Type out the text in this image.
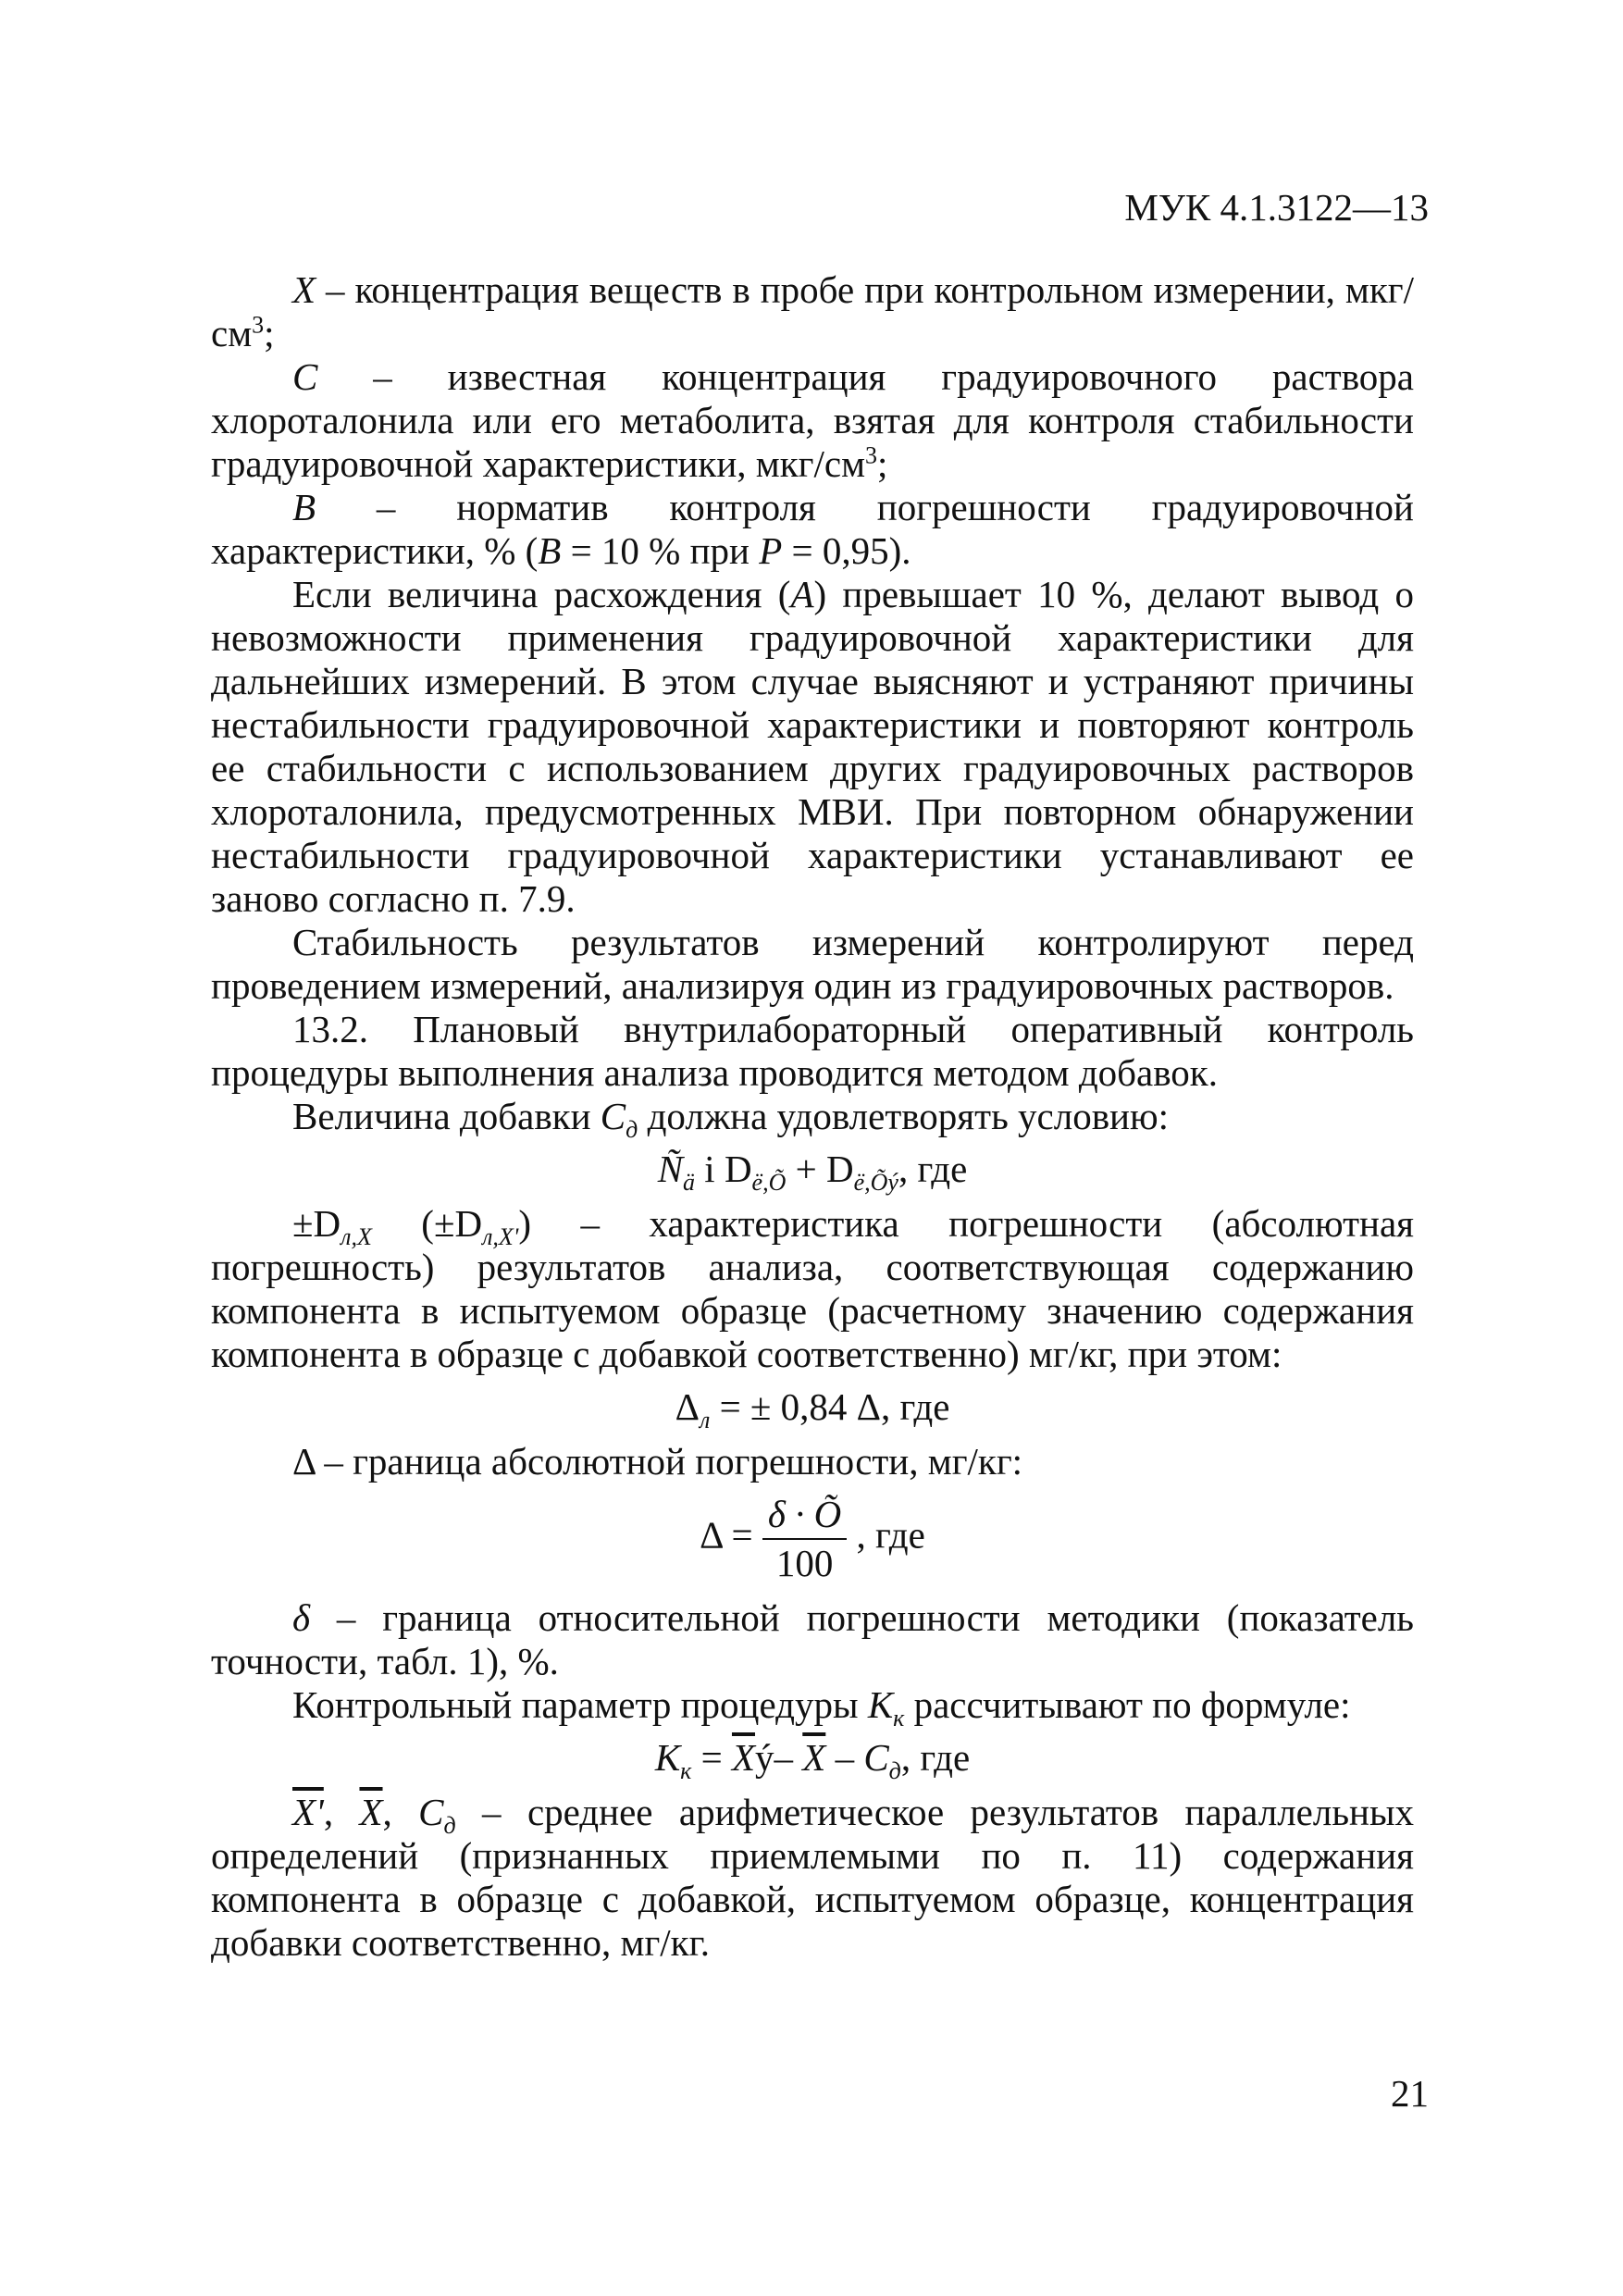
МУК 4.1.3122—13

X – концентрация веществ в пробе при контрольном измерении, мкг/$см^3$;

C – известная концентрация градуировочного раствора хлороталонила или его метаболита, взятая для контроля стабильности градуировочной характеристики, мкг/$см^3$;

B – норматив контроля погрешности градуировочной характеристики, % (B = 10 % при P = 0,95).

Если величина расхождения (A) превышает 10 %, делают вывод о невозможности применения градуировочной характеристики для дальнейших измерений. В этом случае выясняют и устраняют причины нестабильности градуировочной характеристики и повторяют контроль ее стабильности с использованием других градуировочных растворов хлороталонила, предусмотренных МВИ. При повторном обнаружении нестабильности градуировочной характеристики устанавливают ее заново согласно п. 7.9.

Стабильность результатов измерений контролируют перед проведением измерений, анализируя один из градуировочных растворов.

13.2. Плановый внутрилабораторный оперативный контроль процедуры выполнения анализа проводится методом добавок.

Величина добавки $C_д$ должна удовлетворять условию:

$Ñ_ä$ i $D_{ë,Õ} + D_{ë,Õý}$, где

$\pm D_{л,Х}$ $(\pm D_{л,Х'})$ – характеристика погрешности (абсолютная погрешность) результатов анализа, соответствующая содержанию компонента в испытуемом образце (расчетному значению содержания компонента в образце с добавкой соответственно) мг/кг, при этом:

$\Delta_л$ = ± 0,84 Δ, где

Δ – граница абсолютной погрешности, мг/кг:

$\Delta = \frac{\delta \cdot Õ}{100}$ , где

δ – граница относительной погрешности методики (показатель точности, табл. 1), %.

Контрольный параметр процедуры $K_к$ рассчитывают по формуле:

$K_к$ = $\overline{X}ý-$ $\overline{X} - C_д$, где

X', $\overline{X}$, $C_д$ – среднее арифметическое результатов параллельных определений (признанных приемлемыми по п. 11) содержания компонента в образце с добавкой, испытуемом образце, концентрация добавки соответственно, мг/кг.

21
